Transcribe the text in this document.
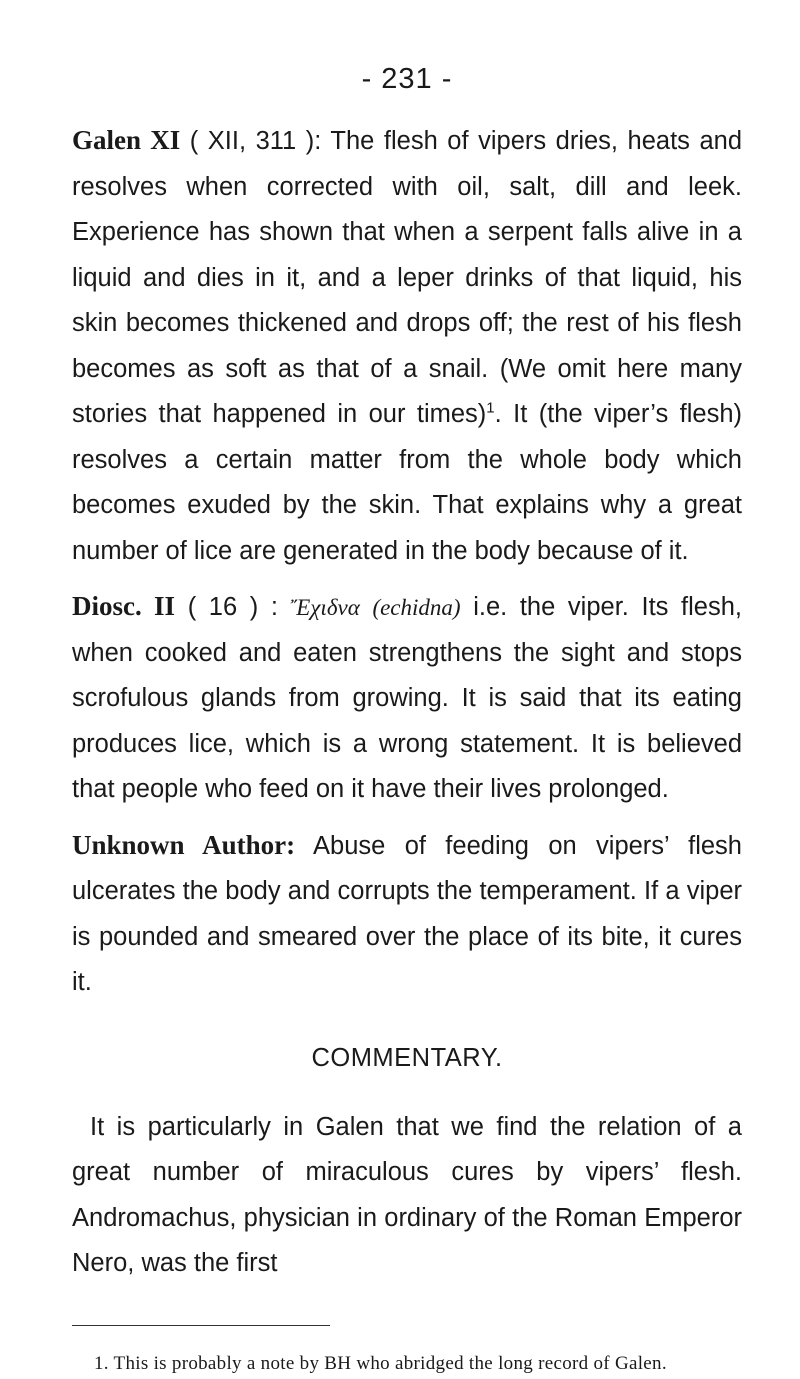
- 231 -

Galen XI ( XII, 311 ): The flesh of vipers dries, heats and resolves when corrected with oil, salt, dill and leek. Experience has shown that when a serpent falls alive in a liquid and dies in it, and a leper drinks of that liquid, his skin becomes thickened and drops off; the rest of his flesh becomes as soft as that of a snail. (We omit here many stories that happened in our times)$^1$. It (the viper’s flesh) resolves a certain matter from the whole body which becomes exuded by the skin. That explains why a great number of lice are generated in the body because of it.

Diosc. II ( 16 ) : Ἔχιδνα (echidna) i.e. the viper. Its flesh, when cooked and eaten strengthens the sight and stops scrofulous glands from growing. It is said that its eating produces lice, which is a wrong statement. It is believed that people who feed on it have their lives prolonged.

Unknown Author: Abuse of feeding on vipers’ flesh ulcerates the body and corrupts the temperament. If a viper is pounded and smeared over the place of its bite, it cures it.

COMMENTARY.

It is particularly in Galen that we find the relation of a great number of miraculous cures by vipers’ flesh. Andromachus, physician in ordinary of the Roman Emperor Nero, was the first

1. This is probably a note by BH who abridged the long record of Galen.
